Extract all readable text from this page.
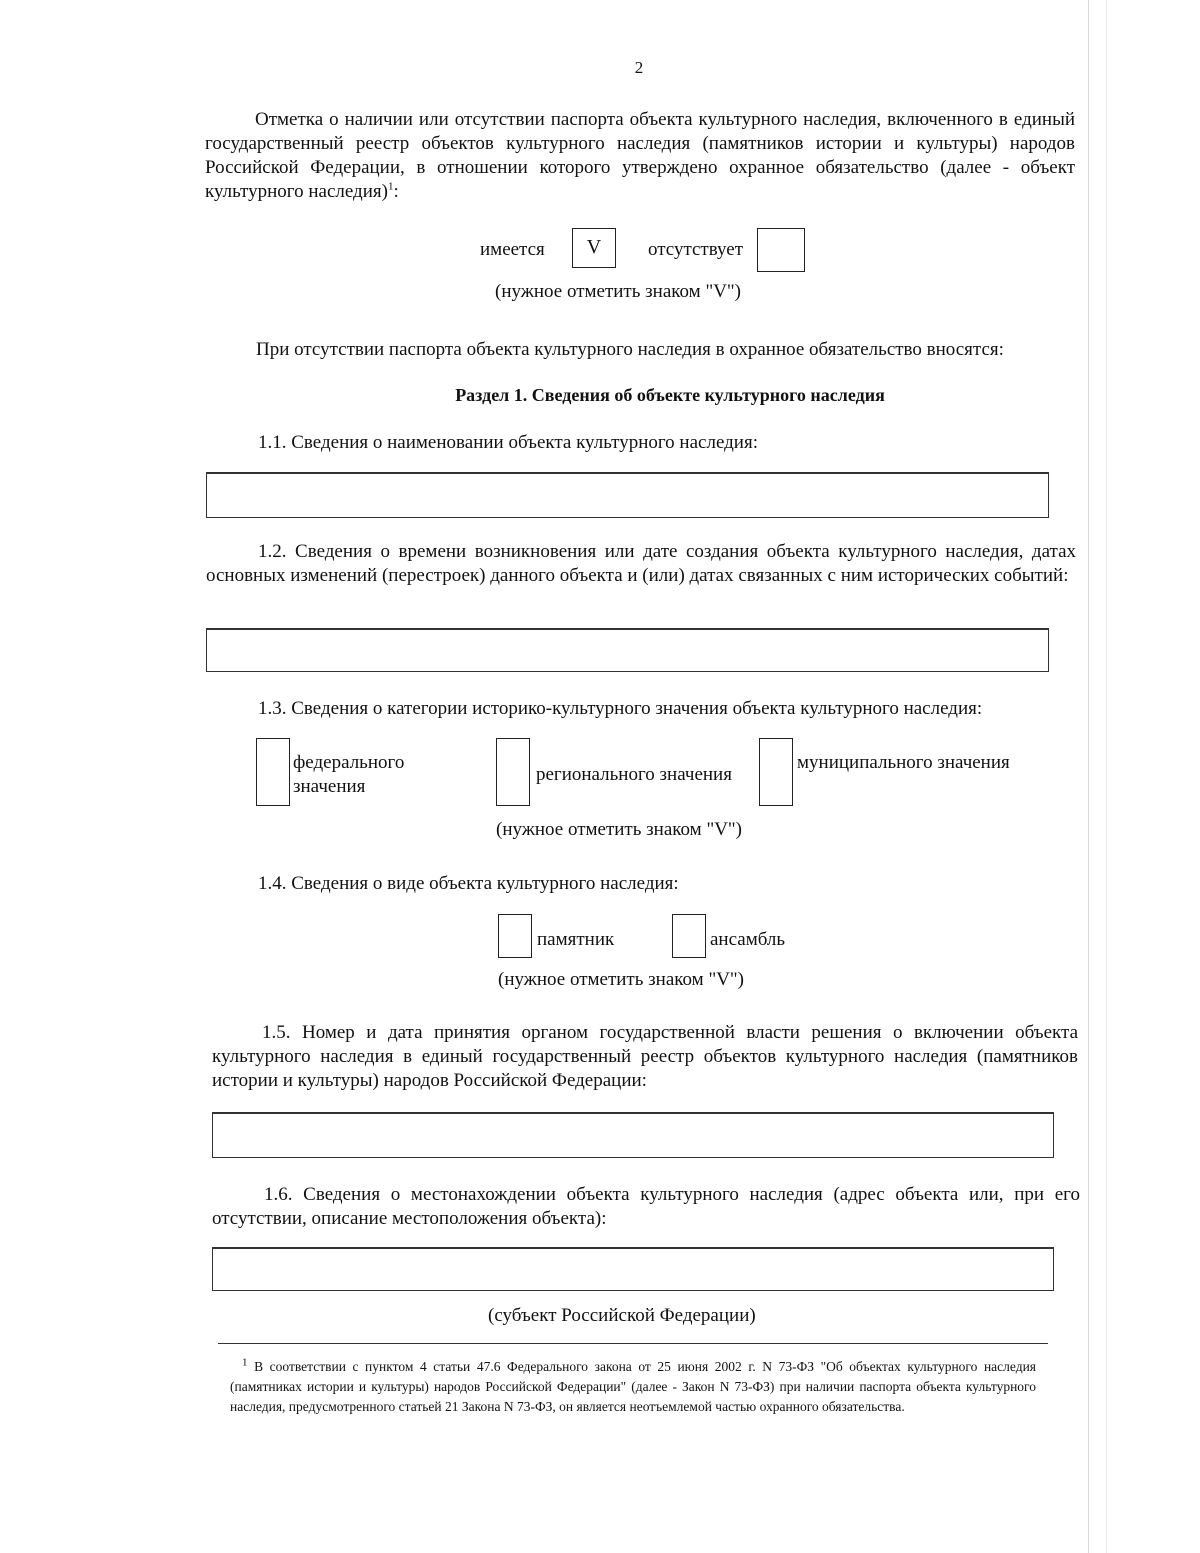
2
Отметка о наличии или отсутствии паспорта объекта культурного наследия, включенного в единый государственный реестр объектов культурного наследия (памятников истории и культуры) народов Российской Федерации, в отношении которого утверждено охранное обязательство (далее - объект культурного наследия)$^1$:
имеется	V	отсутствует
(нужное отметить знаком "V")
При отсутствии паспорта объекта культурного наследия в охранное обязательство вносятся:
Раздел 1. Сведения об объекте культурного наследия
1.1. Сведения о наименовании объекта культурного наследия:
1.2. Сведения о времени возникновения или дате создания объекта культурного наследия, датах основных изменений (перестроек) данного объекта и (или) датах связанных с ним исторических событий:
1.3. Сведения о категории историко-культурного значения объекта культурного наследия:
федерального
значения
регионального значения
муниципального значения
(нужное отметить знаком "V")
1.4. Сведения о виде объекта культурного наследия:
памятник	ансамбль
(нужное отметить знаком "V")
1.5. Номер и дата принятия органом государственной власти решения о включении объекта культурного наследия в единый государственный реестр объектов культурного наследия (памятников истории и культуры) народов Российской Федерации:
1.6. Сведения о местонахождении объекта культурного наследия (адрес объекта или, при его отсутствии, описание местоположения объекта):
(субъект Российской Федерации)
$^1$ В соответствии с пунктом 4 статьи 47.6 Федерального закона от 25 июня 2002 г. N 73-ФЗ "Об объектах культурного наследия (памятниках истории и культуры) народов Российской Федерации" (далее - Закон N 73-ФЗ) при наличии паспорта объекта культурного наследия, предусмотренного статьей 21 Закона N 73-ФЗ, он является неотъемлемой частью охранного обязательства.
